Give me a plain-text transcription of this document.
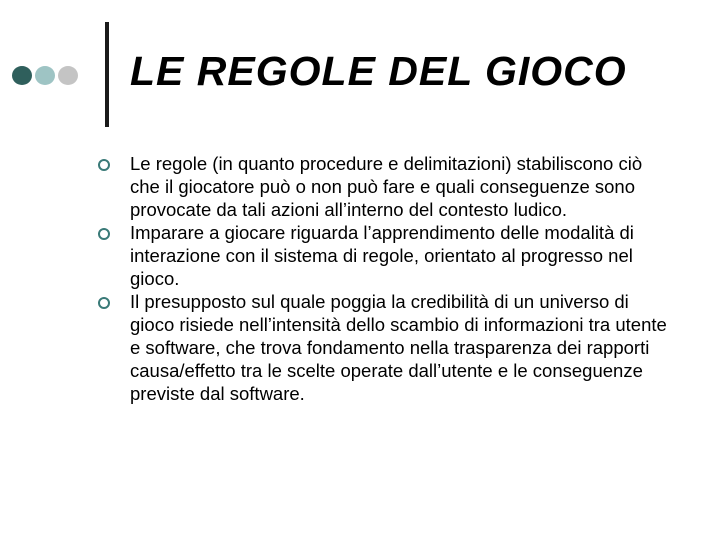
LE REGOLE DEL GIOCO
Le regole (in quanto procedure e delimitazioni) stabiliscono ciò che il giocatore può o non può fare e quali conseguenze sono provocate da tali azioni all’interno del contesto ludico.
Imparare a giocare riguarda l’apprendimento delle modalità di interazione con il sistema di regole, orientato al progresso nel gioco.
Il presupposto sul quale poggia la credibilità di un universo di gioco risiede nell’intensità dello scambio di informazioni tra utente e software, che trova fondamento nella trasparenza dei rapporti causa/effetto tra le scelte operate dall’utente e le conseguenze previste dal software.
